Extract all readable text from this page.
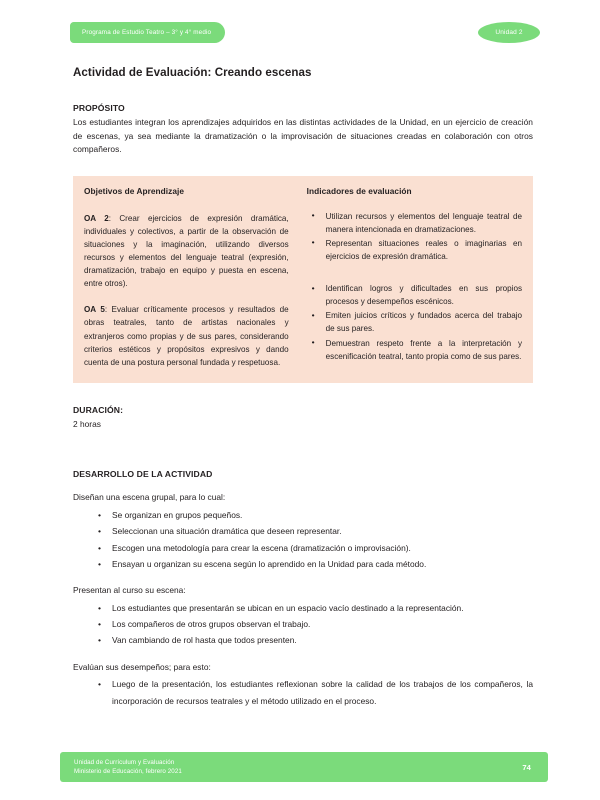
Programa de Estudio Teatro – 3° y 4° medio	Unidad 2
Actividad de Evaluación: Creando escenas
PROPÓSITO

Los estudiantes integran los aprendizajes adquiridos en las distintas actividades de la Unidad, en un ejercicio de creación de escenas, ya sea mediante la dramatización o la improvisación de situaciones creadas en colaboración con otros compañeros.

Objetivos de Aprendizaje

OA 2: Crear ejercicios de expresión dramática, individuales y colectivos, a partir de la observación de situaciones y la imaginación, utilizando diversos recursos y elementos del lenguaje teatral (expresión, dramatización, trabajo en equipo y puesta en escena, entre otros).

OA 5: Evaluar críticamente procesos y resultados de obras teatrales, tanto de artistas nacionales y extranjeros como propias y de sus pares, considerando criterios estéticos y propósitos expresivos y dando cuenta de una postura personal fundada y respetuosa.

Indicadores de evaluación
• Utilizan recursos y elementos del lenguaje teatral de manera intencionada en dramatizaciones.
• Representan situaciones reales o imaginarias en ejercicios de expresión dramática.
• Identifican logros y dificultades en sus propios procesos y desempeños escénicos.
• Emiten juicios críticos y fundados acerca del trabajo de sus pares.
• Demuestran respeto frente a la interpretación y escenificación teatral, tanto propia como de sus pares.
DURACIÓN:
2 horas
DESARROLLO DE LA ACTIVIDAD
Diseñan una escena grupal, para lo cual:
• Se organizan en grupos pequeños.
• Seleccionan una situación dramática que deseen representar.
• Escogen una metodología para crear la escena (dramatización o improvisación).
• Ensayan u organizan su escena según lo aprendido en la Unidad para cada método.
Presentan al curso su escena:
• Los estudiantes que presentarán se ubican en un espacio vacío destinado a la representación.
• Los compañeros de otros grupos observan el trabajo.
• Van cambiando de rol hasta que todos presenten.
Evalúan sus desempeños; para esto:
• Luego de la presentación, los estudiantes reflexionan sobre la calidad de los trabajos de los compañeros, la incorporación de recursos teatrales y el método utilizado en el proceso.
Unidad de Currículum y Evaluación
Ministerio de Educación, febrero 2021	74
